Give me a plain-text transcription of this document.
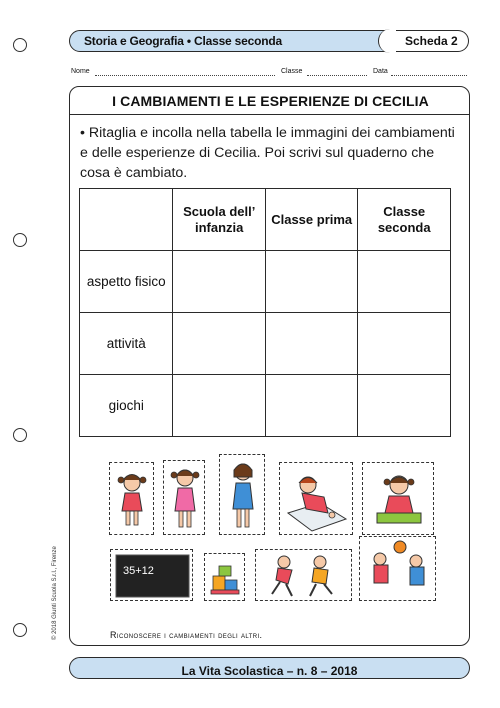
Storia e Geografia • Classe seconda	Scheda 2
Nome	Classe	Data
I CAMBIAMENTI E LE ESPERIENZE DI CECILIA
• Ritaglia e incolla nella tabella le immagini dei cambiamenti e delle esperienze di Cecilia. Poi scrivi sul quaderno che cosa è cambiato.
	Scuola dell’ infanzia	Classe prima	Classe seconda
aspetto fisico			
attività			
giochi			
35+12
Riconoscere i cambiamenti degli altri.
© 2018 Giunti Scuola S.r.l., Firenze
$_{La Vita Scolastica - n. 8 - 2018}$
